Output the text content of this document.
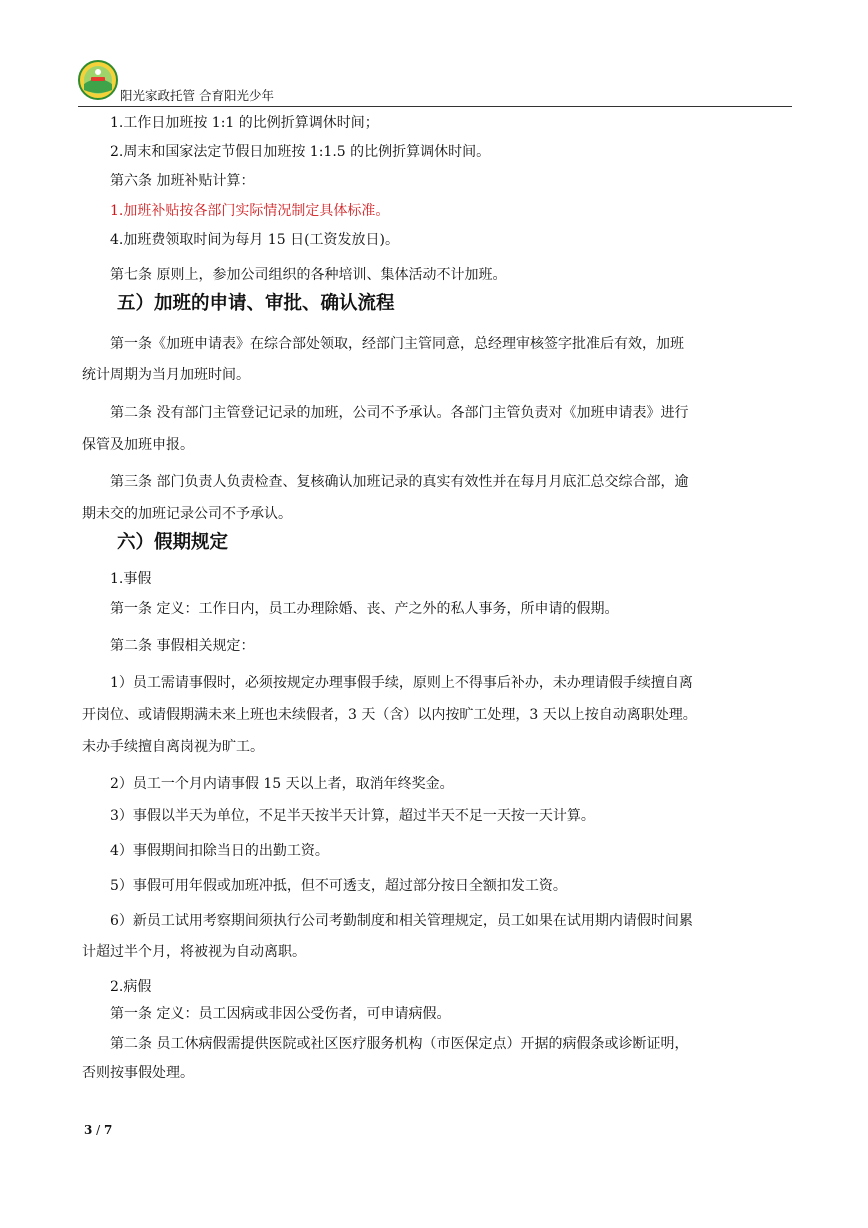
阳光家政托管 合育阳光少年
1.工作日加班按 1:1 的比例折算调休时间；
2.周末和国家法定节假日加班按 1:1.5 的比例折算调休时间。
第六条 加班补贴计算：
1.加班补贴按各部门实际情况制定具体标准。
4.加班费领取时间为每月 15 日(工资发放日)。
第七条 原则上，参加公司组织的各种培训、集体活动不计加班。
五）加班的申请、审批、确认流程
第一条《加班申请表》在综合部处领取，经部门主管同意，总经理审核签字批准后有效，加班
统计周期为当月加班时间。
第二条 没有部门主管登记记录的加班，公司不予承认。各部门主管负责对《加班申请表》进行
保管及加班申报。
第三条 部门负责人负责检查、复核确认加班记录的真实有效性并在每月月底汇总交综合部，逾
期未交的加班记录公司不予承认。
六）假期规定
1.事假
第一条 定义：工作日内，员工办理除婚、丧、产之外的私人事务，所申请的假期。
第二条 事假相关规定：
1）员工需请事假时，必须按规定办理事假手续，原则上不得事后补办，未办理请假手续擅自离
开岗位、或请假期满未来上班也未续假者，3 天（含）以内按旷工处理，3 天以上按自动离职处理。
未办手续擅自离岗视为旷工。
2）员工一个月内请事假 15 天以上者，取消年终奖金。
3）事假以半天为单位，不足半天按半天计算，超过半天不足一天按一天计算。
4）事假期间扣除当日的出勤工资。
5）事假可用年假或加班冲抵，但不可透支，超过部分按日全额扣发工资。
6）新员工试用考察期间须执行公司考勤制度和相关管理规定，员工如果在试用期内请假时间累
计超过半个月，将被视为自动离职。
2.病假
第一条 定义：员工因病或非因公受伤者，可申请病假。
第二条 员工休病假需提供医院或社区医疗服务机构（市医保定点）开据的病假条或诊断证明，
否则按事假处理。
3 / 7
